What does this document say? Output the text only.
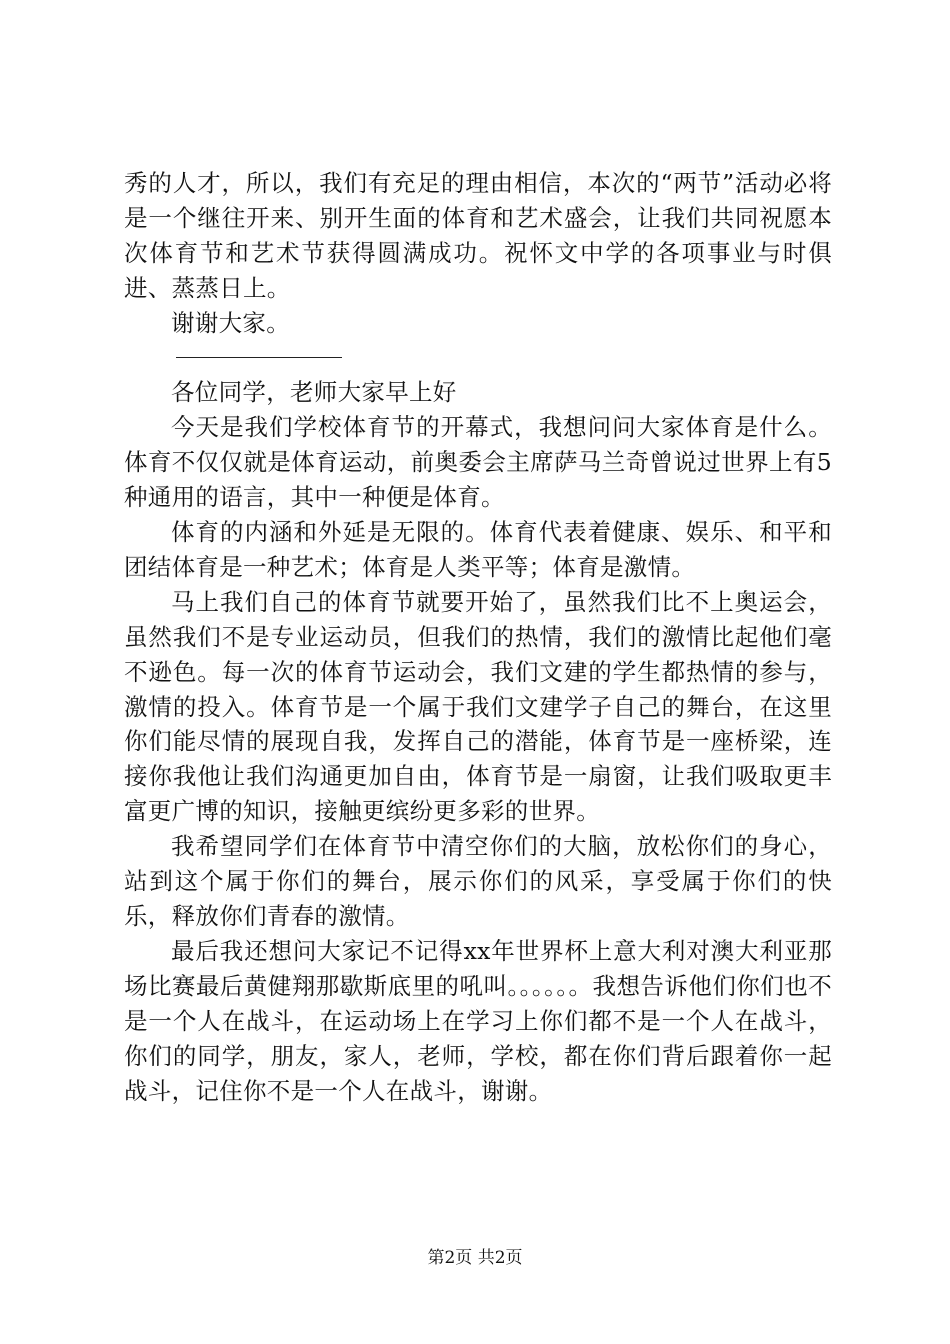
秀的人才，所以，我们有充足的理由相信，本次的“两节”活动必将是一个继往开来、别开生面的体育和艺术盛会，让我们共同祝愿本次体育节和艺术节获得圆满成功。祝怀文中学的各项事业与时俱进、蒸蒸日上。

谢谢大家。

各位同学，老师大家早上好

今天是我们学校体育节的开幕式，我想问问大家体育是什么。体育不仅仅就是体育运动，前奥委会主席萨马兰奇曾说过世界上有5种通用的语言，其中一种便是体育。

体育的内涵和外延是无限的。体育代表着健康、娱乐、和平和团结体育是一种艺术；体育是人类平等；体育是激情。

马上我们自己的体育节就要开始了，虽然我们比不上奥运会，虽然我们不是专业运动员，但我们的热情，我们的激情比起他们毫不逊色。每一次的体育节运动会，我们文建的学生都热情的参与，激情的投入。体育节是一个属于我们文建学子自己的舞台，在这里你们能尽情的展现自我，发挥自己的潜能，体育节是一座桥梁，连接你我他让我们沟通更加自由，体育节是一扇窗，让我们吸取更丰富更广博的知识，接触更缤纷更多彩的世界。

我希望同学们在体育节中清空你们的大脑，放松你们的身心，站到这个属于你们的舞台，展示你们的风采，享受属于你们的快乐，释放你们青春的激情。

最后我还想问大家记不记得xx年世界杯上意大利对澳大利亚那场比赛最后黄健翔那歇斯底里的吼叫。。。。。。我想告诉他们你们也不是一个人在战斗，在运动场上在学习上你们都不是一个人在战斗，你们的同学，朋友，家人，老师，学校，都在你们背后跟着你一起战斗，记住你不是一个人在战斗，谢谢。

第2页 共2页
